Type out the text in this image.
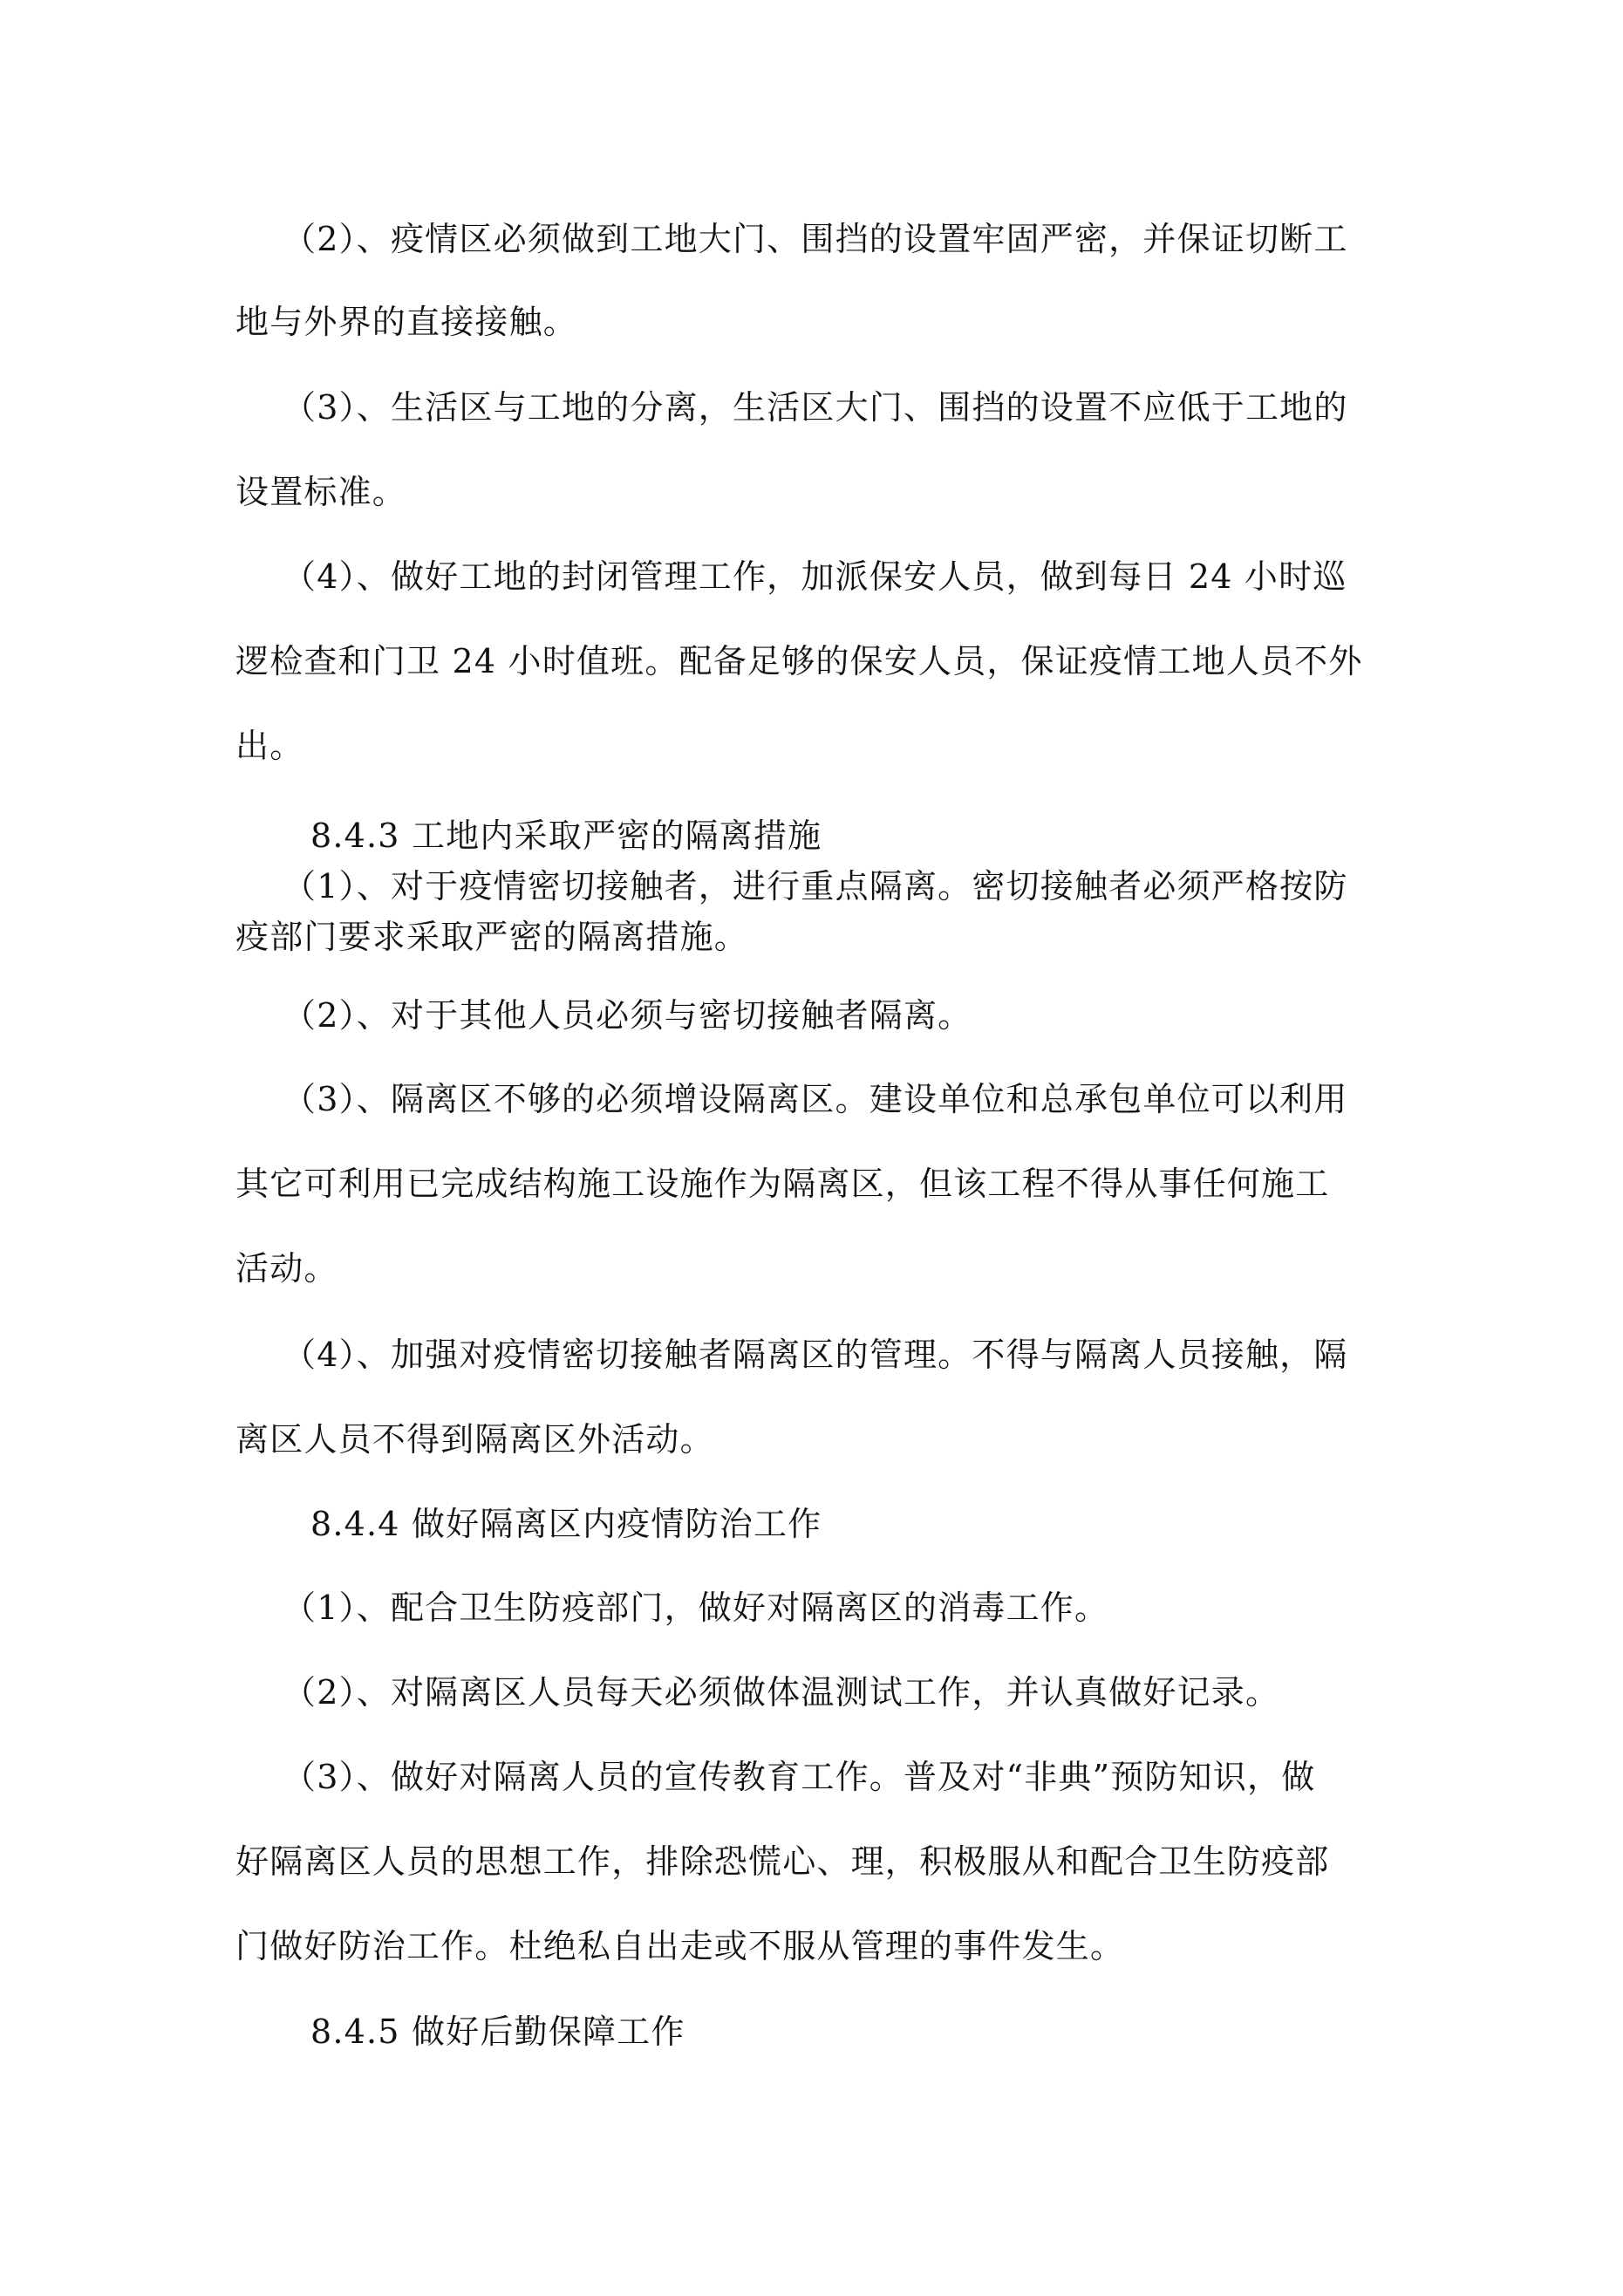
（2）、疫情区必须做到工地大门、围挡的设置牢固严密，并保证切断工
地与外界的直接接触。
（3）、生活区与工地的分离，生活区大门、围挡的设置不应低于工地的
设置标准。
（4）、做好工地的封闭管理工作，加派保安人员，做到每日 24 小时巡
逻检查和门卫 24 小时值班。配备足够的保安人员，保证疫情工地人员不外
出。
8.4.3 工地内采取严密的隔离措施
（1）、对于疫情密切接触者，进行重点隔离。密切接触者必须严格按防
疫部门要求采取严密的隔离措施。
（2）、对于其他人员必须与密切接触者隔离。
（3）、隔离区不够的必须增设隔离区。建设单位和总承包单位可以利用
其它可利用已完成结构施工设施作为隔离区，但该工程不得从事任何施工
活动。
（4）、加强对疫情密切接触者隔离区的管理。不得与隔离人员接触，隔
离区人员不得到隔离区外活动。
8.4.4 做好隔离区内疫情防治工作
（1）、配合卫生防疫部门，做好对隔离区的消毒工作。
（2）、对隔离区人员每天必须做体温测试工作，并认真做好记录。
（3）、做好对隔离人员的宣传教育工作。普及对“非典”预防知识，做
好隔离区人员的思想工作，排除恐慌心、理，积极服从和配合卫生防疫部
门做好防治工作。杜绝私自出走或不服从管理的事件发生。
8.4.5 做好后勤保障工作
